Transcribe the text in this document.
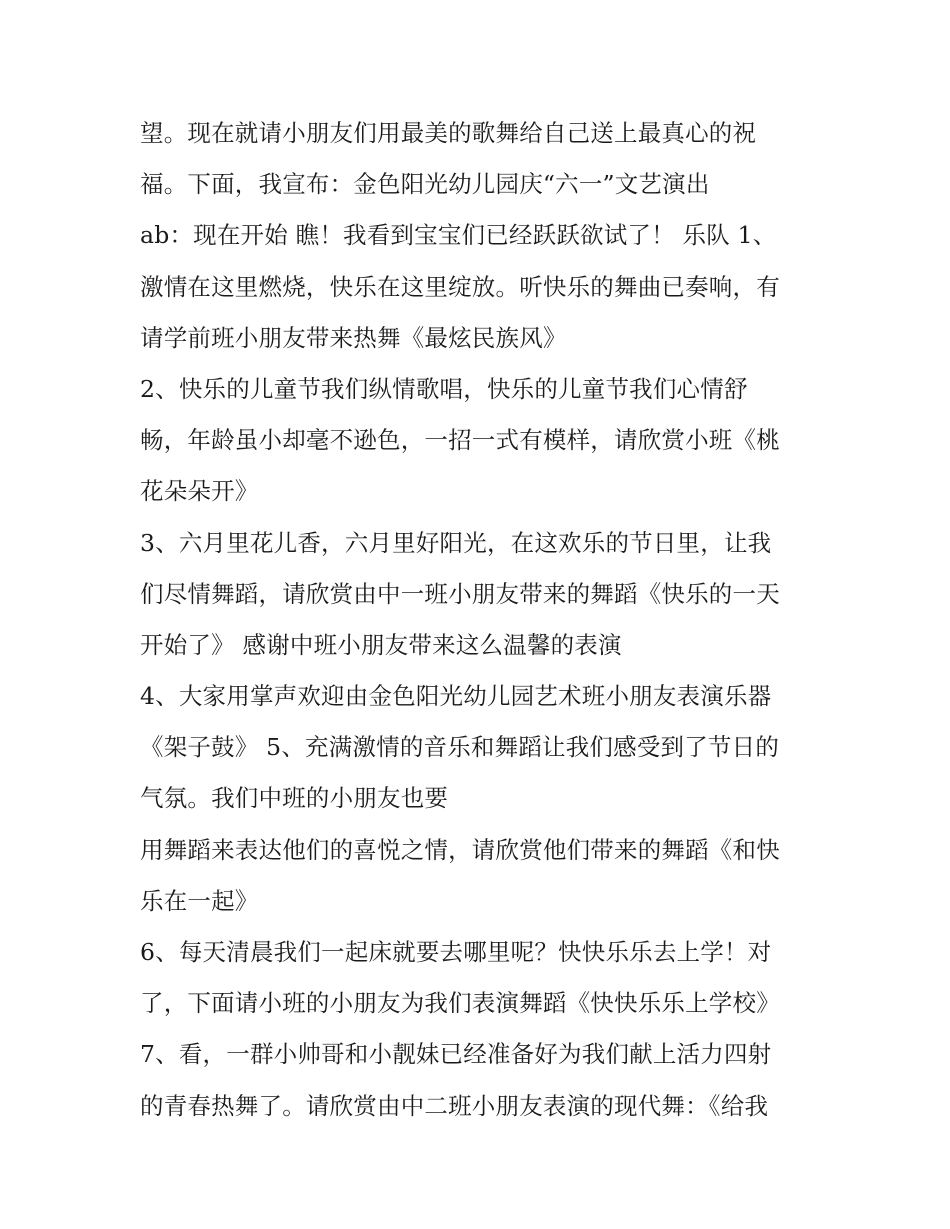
望。现在就请小朋友们用最美的歌舞给自己送上最真心的祝
福。下面，我宣布：金色阳光幼儿园庆“六一”文艺演出
ab：现在开始 瞧！我看到宝宝们已经跃跃欲试了！ 乐队 1、
激情在这里燃烧，快乐在这里绽放。听快乐的舞曲已奏响，有
请学前班小朋友带来热舞《最炫民族风》
2、快乐的儿童节我们纵情歌唱，快乐的儿童节我们心情舒
畅，年龄虽小却毫不逊色，一招一式有模样，请欣赏小班《桃
花朵朵开》
3、六月里花儿香，六月里好阳光，在这欢乐的节日里，让我
们尽情舞蹈，请欣赏由中一班小朋友带来的舞蹈《快乐的一天
开始了》 感谢中班小朋友带来这么温馨的表演
4、大家用掌声欢迎由金色阳光幼儿园艺术班小朋友表演乐器
《架子鼓》 5、充满激情的音乐和舞蹈让我们感受到了节日的
气氛。我们中班的小朋友也要
用舞蹈来表达他们的喜悦之情，请欣赏他们带来的舞蹈《和快
乐在一起》
6、每天清晨我们一起床就要去哪里呢？快快乐乐去上学！对
了，下面请小班的小朋友为我们表演舞蹈《快快乐乐上学校》
7、看，一群小帅哥和小靓妹已经准备好为我们献上活力四射
的青春热舞了。请欣赏由中二班小朋友表演的现代舞：《给我
